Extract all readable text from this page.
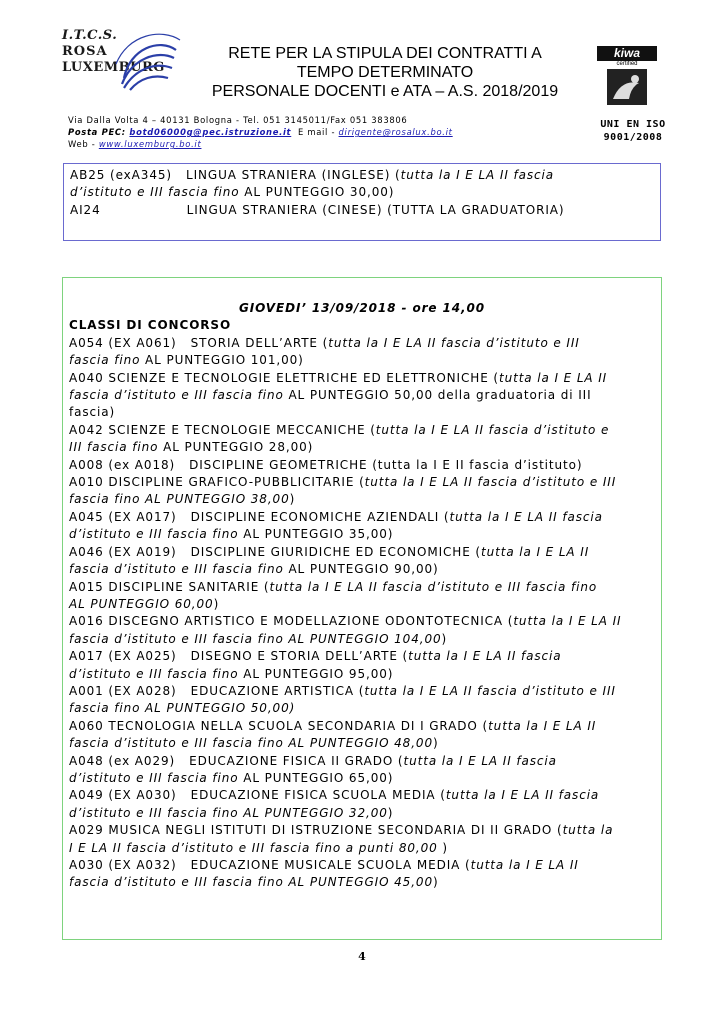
I.T.C.S.
ROSA
LUXEMBURG
RETE PER LA STIPULA DEI CONTRATTI A
TEMPO DETERMINATO
PERSONALE DOCENTI e ATA – A.S. 2018/2019
kiwa
certified
UNI EN ISO
9001/2008
Via Dalla Volta 4 – 40131 Bologna - Tel. 051 3145011/Fax 051 383806
Posta PEC: botd06000g@pec.istruzione.it E mail - dirigente@rosalux.bo.it
Web - www.luxemburg.bo.it
AB25 (exA345) LINGUA STRANIERA (INGLESE) (tutta la I E LA II fascia
d’istituto e III fascia fino AL PUNTEGGIO 30,00)
AI24	LINGUA STRANIERA (CINESE) (TUTTA LA GRADUATORIA)
GIOVEDI’ 13/09/2018 - ore 14,00
CLASSI DI CONCORSO
A054 (EX A061) STORIA DELL’ARTE (tutta la I E LA II fascia d’istituto e III
fascia fino AL PUNTEGGIO 101,00)
A040 SCIENZE E TECNOLOGIE ELETTRICHE ED ELETTRONICHE (tutta la I E LA II
fascia d’istituto e III fascia fino AL PUNTEGGIO 50,00 della graduatoria di III
fascia)
A042 SCIENZE E TECNOLOGIE MECCANICHE (tutta la I E LA II fascia d’istituto e
III fascia fino AL PUNTEGGIO 28,00)
A008 (ex A018) DISCIPLINE GEOMETRICHE (tutta la I E II fascia d’istituto)
A010 DISCIPLINE GRAFICO-PUBBLICITARIE (tutta la I E LA II fascia d’istituto e III
fascia fino AL PUNTEGGIO 38,00)
A045 (EX A017) DISCIPLINE ECONOMICHE AZIENDALI (tutta la I E LA II fascia
d’istituto e III fascia fino AL PUNTEGGIO 35,00)
A046 (EX A019) DISCIPLINE GIURIDICHE ED ECONOMICHE (tutta la I E LA II
fascia d’istituto e III fascia fino AL PUNTEGGIO 90,00)
A015 DISCIPLINE SANITARIE (tutta la I E LA II fascia d’istituto e III fascia fino
AL PUNTEGGIO 60,00)
A016 DISCEGNO ARTISTICO E MODELLAZIONE ODONTOTECNICA (tutta la I E LA II
fascia d’istituto e III fascia fino AL PUNTEGGIO 104,00)
A017 (EX A025) DISEGNO E STORIA DELL’ARTE (tutta la I E LA II fascia
d’istituto e III fascia fino AL PUNTEGGIO 95,00)
A001 (EX A028) EDUCAZIONE ARTISTICA (tutta la I E LA II fascia d’istituto e III
fascia fino AL PUNTEGGIO 50,00)
A060 TECNOLOGIA NELLA SCUOLA SECONDARIA DI I GRADO (tutta la I E LA II
fascia d’istituto e III fascia fino AL PUNTEGGIO 48,00)
A048 (ex A029) EDUCAZIONE FISICA II GRADO (tutta la I E LA II fascia
d’istituto e III fascia fino AL PUNTEGGIO 65,00)
A049 (EX A030) EDUCAZIONE FISICA SCUOLA MEDIA (tutta la I E LA II fascia
d’istituto e III fascia fino AL PUNTEGGIO 32,00)
A029 MUSICA NEGLI ISTITUTI DI ISTRUZIONE SECONDARIA DI II GRADO (tutta la
I E LA II fascia d’istituto e III fascia fino a punti 80,00 )
A030 (EX A032) EDUCAZIONE MUSICALE SCUOLA MEDIA (tutta la I E LA II
fascia d’istituto e III fascia fino AL PUNTEGGIO 45,00)
4
